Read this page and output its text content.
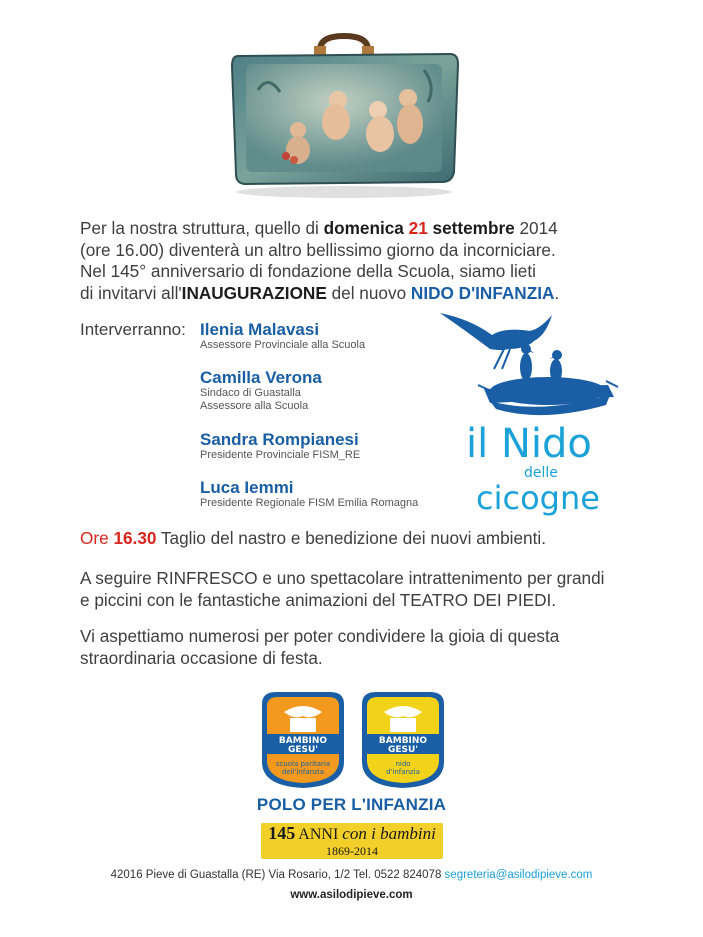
Per la nostra struttura, quello di domenica 21 settembre 2014
(ore 16.00) diventerà un altro bellissimo giorno da incorniciare.
Nel 145° anniversario di fondazione della Scuola, siamo lieti
di invitarvi all'INAUGURAZIONE del nuovo NIDO D'INFANZIA.
Interverranno: Ilenia Malavasi
Assessore Provinciale alla Scuola
Camilla Verona
Sindaco di Guastalla
Assessore alla Scuola
Sandra Rompianesi
Presidente Provinciale FISM_RE
Luca Iemmi
Presidente Regionale FISM Emilia Romagna
il Nido
delle
cicogne
Ore 16.30 Taglio del nastro e benedizione dei nuovi ambienti.
A seguire RINFRESCO e uno spettacolare intrattenimento per grandi
e piccini con le fantastiche animazioni del TEATRO DEI PIEDI.
Vi aspettiamo numerosi per poter condividere la gioia di questa
straordinaria occasione di festa.
BAMBINO
GESU'
scuola paritaria
dell'infanzia
BAMBINO
GESU'
nido
d'infanzia
POLO PER L'INFANZIA
145 ANNI con i bambini
1869-2014
42016 Pieve di Guastalla (RE) Via Rosario, 1/2 Tel. 0522 824078 segreteria@asilodipieve.com
www.asilodipieve.com
